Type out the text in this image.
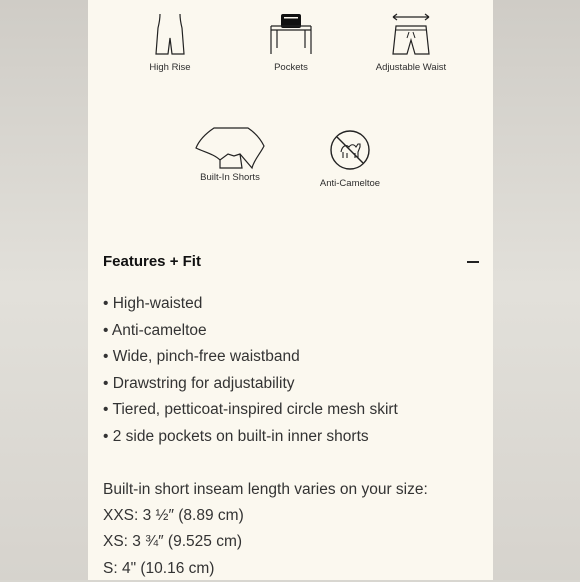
High Rise	Pockets	Adjustable Waist
Built-In Shorts
Anti-Cameltoe
Features + Fit
• High-waisted
• Anti-cameltoe
• Wide, pinch-free waistband
• Drawstring for adjustability
• Tiered, petticoat-inspired circle mesh skirt
• 2 side pockets on built-in inner shorts
Built-in short inseam length varies on your size:
XXS: 3 ½″ (8.89 cm)
XS: 3 ¾″ (9.525 cm)
S: 4" (10.16 cm)
